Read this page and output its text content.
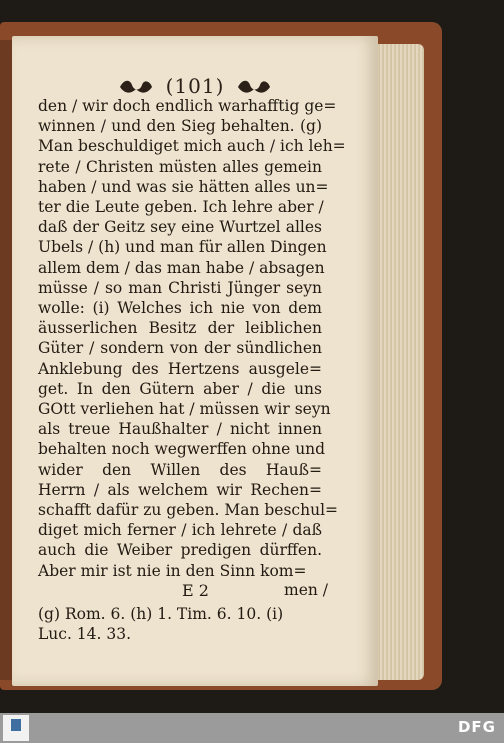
(101)
den / wir doch endlich warhafftig ge=
winnen / und den Sieg behalten. (g)
Man beschuldiget mich auch / ich leh=
rete / Christen müsten alles gemein
haben / und was sie hätten alles un=
ter die Leute geben. Ich lehre aber /
daß der Geitz sey eine Wurtzel alles
Ubels / (h) und man für allen Dingen
allem dem / das man habe / absagen
müsse / so man Christi Jünger seyn
wolle: (i) Welches ich nie von dem
äusserlichen Besitz der leiblichen
Güter / sondern von der sündlichen
Anklebung des Hertzens ausgele=
get. In den Gütern aber / die uns
GOtt verliehen hat / müssen wir seyn
als treue Haußhalter / nicht innen
behalten noch wegwerffen ohne und
wider den Willen des Hauß=
Herrn / als welchem wir Rechen=
schafft dafür zu geben. Man beschul=
diget mich ferner / ich lehrete / daß
auch die Weiber predigen dürffen.
Aber mir ist nie in den Sinn kom=
E 2	men /
(g) Rom. 6. (h) 1. Tim. 6. 10. (i)
Luc. 14. 33.
DFG
